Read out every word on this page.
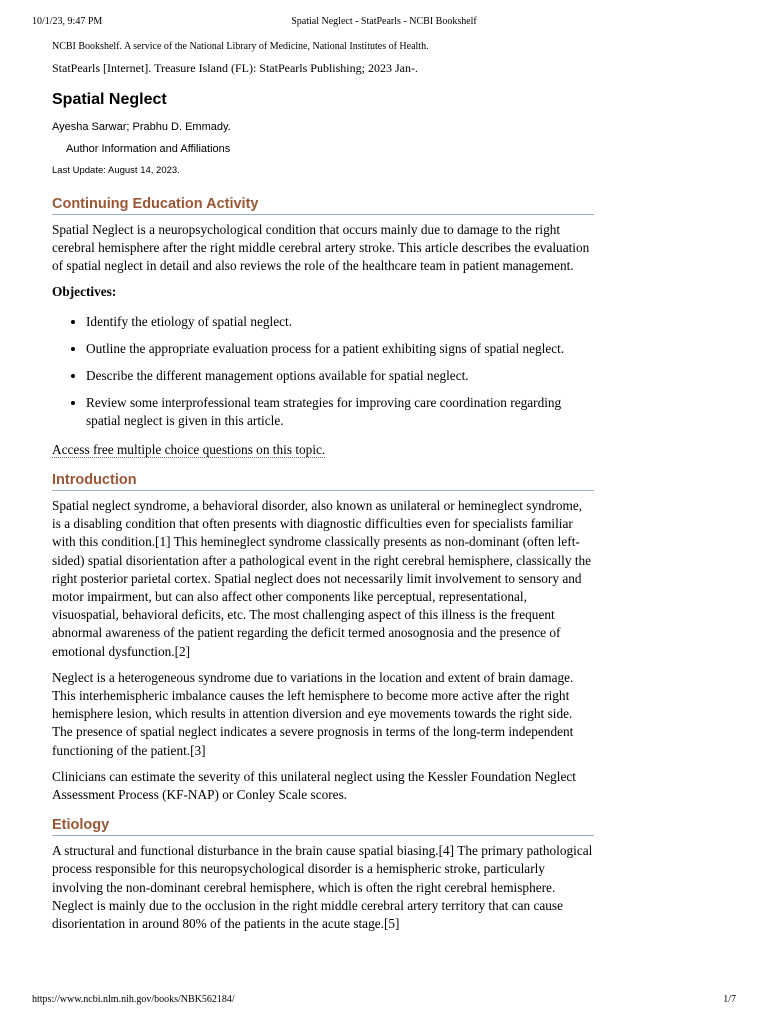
10/1/23, 9:47 PM	Spatial Neglect - StatPearls - NCBI Bookshelf

NCBI Bookshelf. A service of the National Library of Medicine, National Institutes of Health.

StatPearls [Internet]. Treasure Island (FL): StatPearls Publishing; 2023 Jan-.

Spatial Neglect

Ayesha Sarwar; Prabhu D. Emmady.

Author Information and Affiliations

Last Update: August 14, 2023.

Continuing Education Activity

Spatial Neglect is a neuropsychological condition that occurs mainly due to damage to the right cerebral hemisphere after the right middle cerebral artery stroke. This article describes the evaluation of spatial neglect in detail and also reviews the role of the healthcare team in patient management.

Objectives:

• Identify the etiology of spatial neglect.
• Outline the appropriate evaluation process for a patient exhibiting signs of spatial neglect.
• Describe the different management options available for spatial neglect.
• Review some interprofessional team strategies for improving care coordination regarding spatial neglect is given in this article.

Access free multiple choice questions on this topic.

Introduction

Spatial neglect syndrome, a behavioral disorder, also known as unilateral or hemineglect syndrome, is a disabling condition that often presents with diagnostic difficulties even for specialists familiar with this condition.[1] This hemineglect syndrome classically presents as non-dominant (often left-sided) spatial disorientation after a pathological event in the right cerebral hemisphere, classically the right posterior parietal cortex. Spatial neglect does not necessarily limit involvement to sensory and motor impairment, but can also affect other components like perceptual, representational, visuospatial, behavioral deficits, etc. The most challenging aspect of this illness is the frequent abnormal awareness of the patient regarding the deficit termed anosognosia and the presence of emotional dysfunction.[2]

Neglect is a heterogeneous syndrome due to variations in the location and extent of brain damage. This interhemispheric imbalance causes the left hemisphere to become more active after the right hemisphere lesion, which results in attention diversion and eye movements towards the right side. The presence of spatial neglect indicates a severe prognosis in terms of the long-term independent functioning of the patient.[3]

Clinicians can estimate the severity of this unilateral neglect using the Kessler Foundation Neglect Assessment Process (KF-NAP) or Conley Scale scores.

Etiology

A structural and functional disturbance in the brain cause spatial biasing.[4] The primary pathological process responsible for this neuropsychological disorder is a hemispheric stroke, particularly involving the non-dominant cerebral hemisphere, which is often the right cerebral hemisphere. Neglect is mainly due to the occlusion in the right middle cerebral artery territory that can cause disorientation in around 80% of the patients in the acute stage.[5]

https://www.ncbi.nlm.nih.gov/books/NBK562184/	1/7
